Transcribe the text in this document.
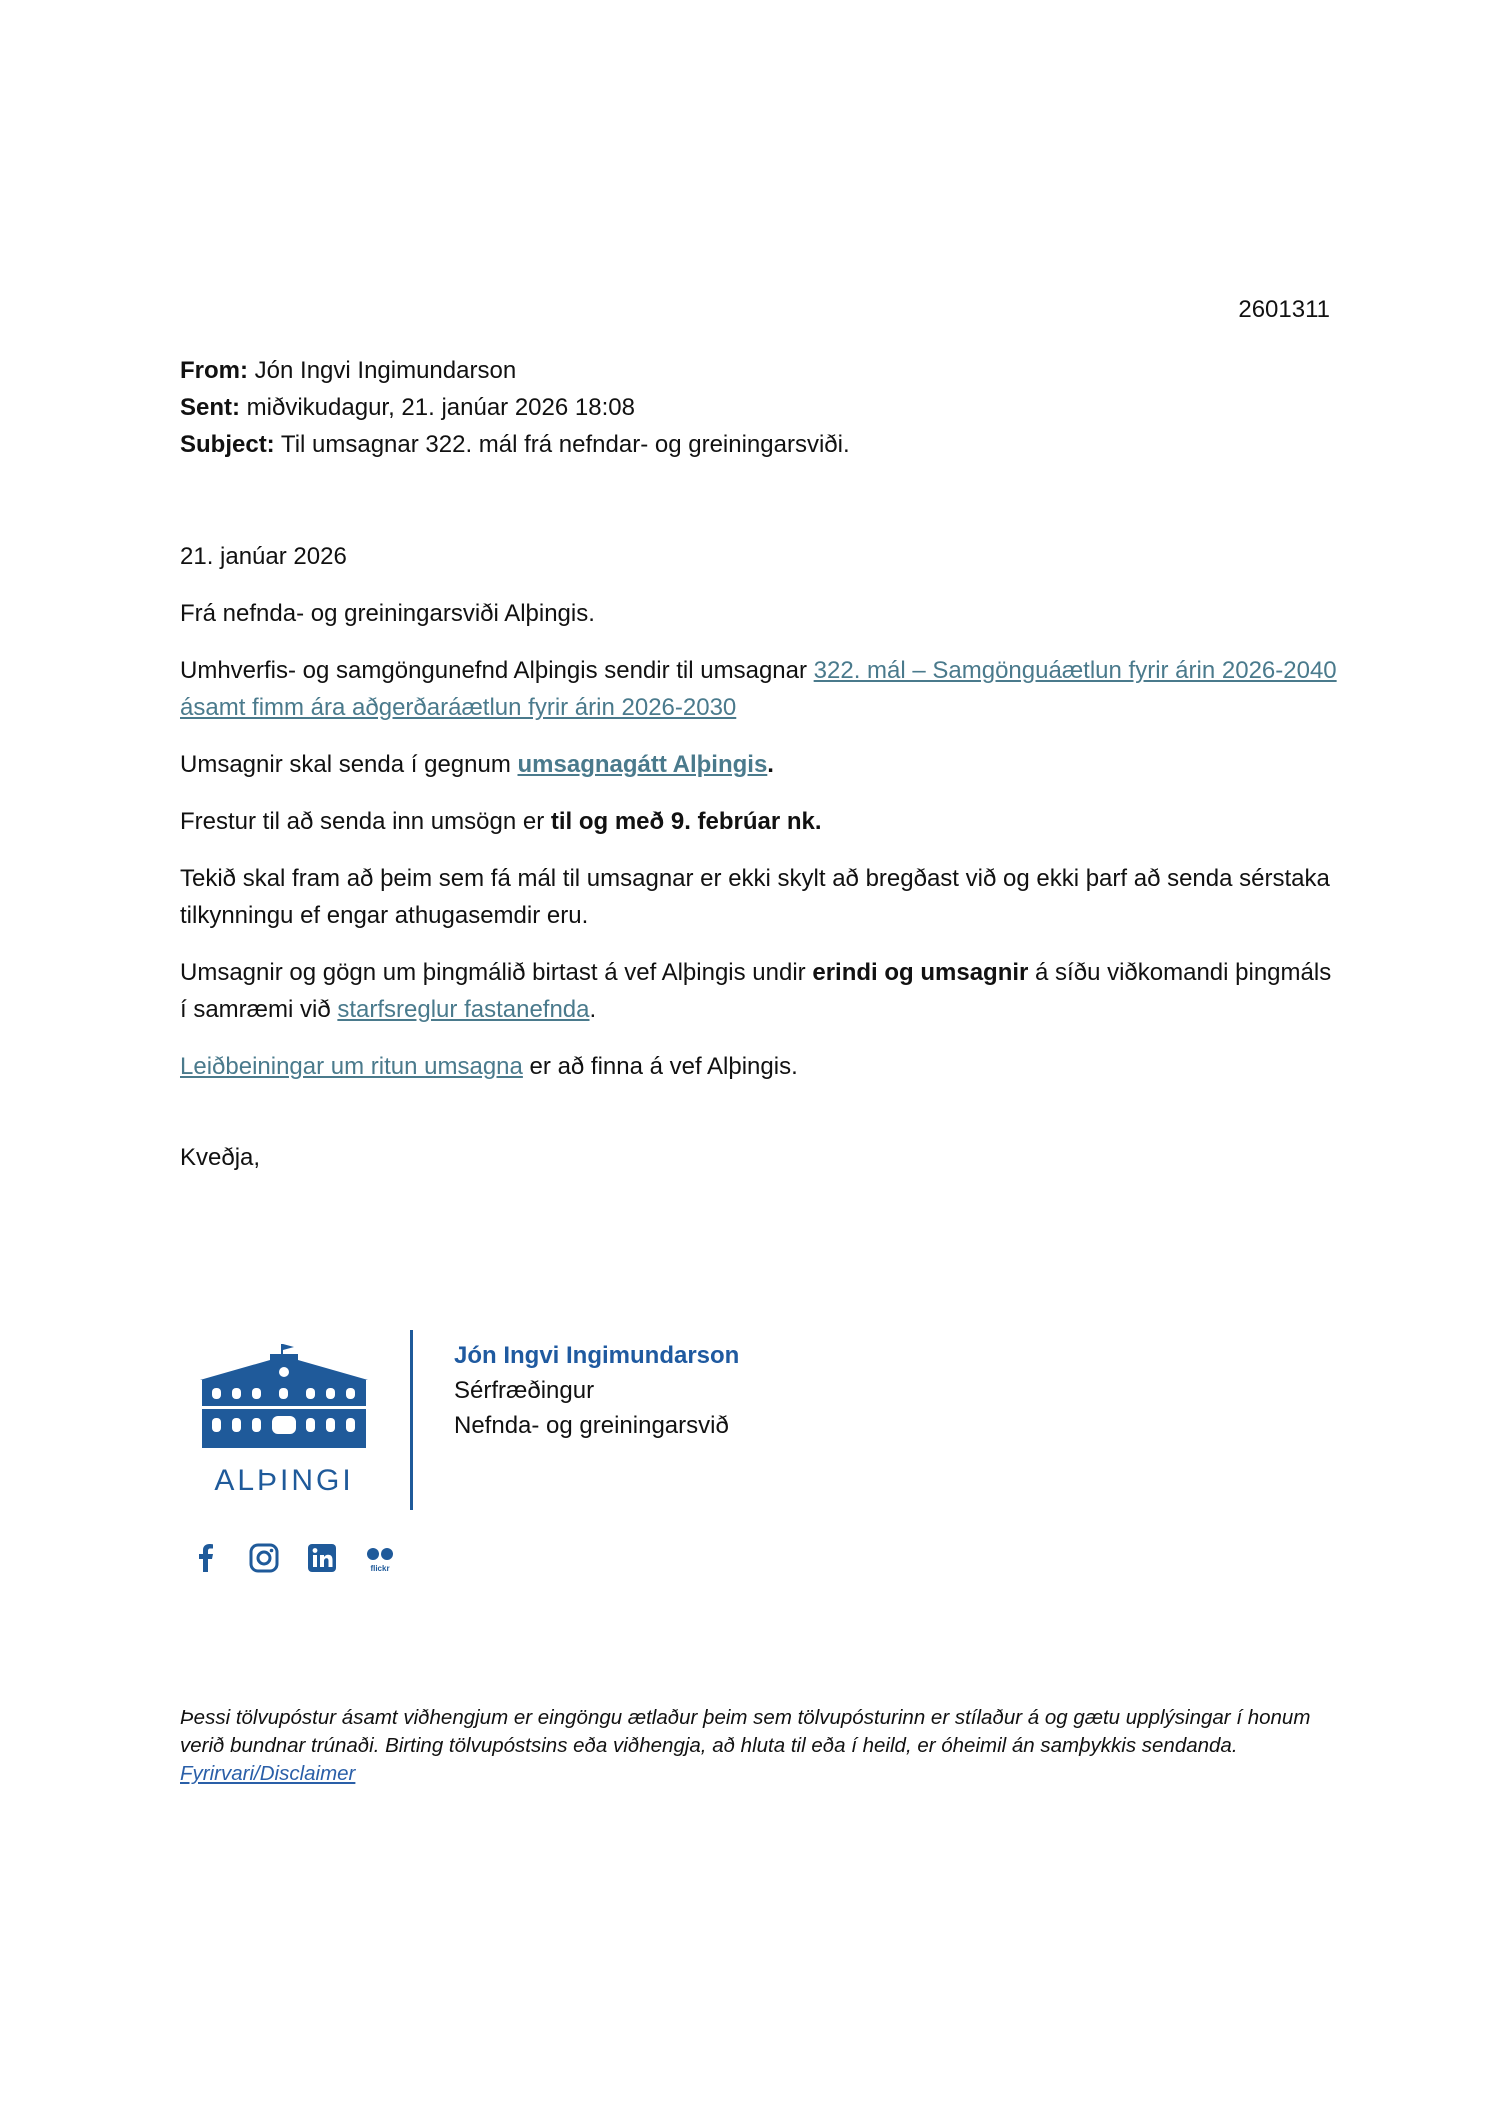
2601311
From: Jón Ingvi Ingimundarson
Sent: miðvikudagur, 21. janúar 2026 18:08
Subject: Til umsagnar 322. mál frá nefndar- og greiningarsviði.

21. janúar 2026

Frá nefnda- og greiningarsviði Alþingis.

Umhverfis- og samgöngunefnd Alþingis sendir til umsagnar 322. mál – Samgönguáætlun fyrir árin 2026-2040 ásamt fimm ára aðgerðaráætlun fyrir árin 2026-2030

Umsagnir skal senda í gegnum umsagnagátt Alþingis.

Frestur til að senda inn umsögn er til og með 9. febrúar nk.

Tekið skal fram að þeim sem fá mál til umsagnar er ekki skylt að bregðast við og ekki þarf að senda sérstaka tilkynningu ef engar athugasemdir eru.

Umsagnir og gögn um þingmálið birtast á vef Alþingis undir erindi og umsagnir á síðu viðkomandi þingmáls í samræmi við starfsreglur fastanefnda.

Leiðbeiningar um ritun umsagna er að finna á vef Alþingis.

Kveðja,
ALÞINGI
Jón Ingvi Ingimundarson
Sérfræðingur
Nefnda- og greiningarsvið
flickr
Þessi tölvupóstur ásamt viðhengjum er eingöngu ætlaður þeim sem tölvupósturinn er stílaður á og gætu upplýsingar í honum verið bundnar trúnaði. Birting tölvupóstsins eða viðhengja, að hluta til eða í heild, er óheimil án samþykkis sendanda. Fyrirvari/Disclaimer
